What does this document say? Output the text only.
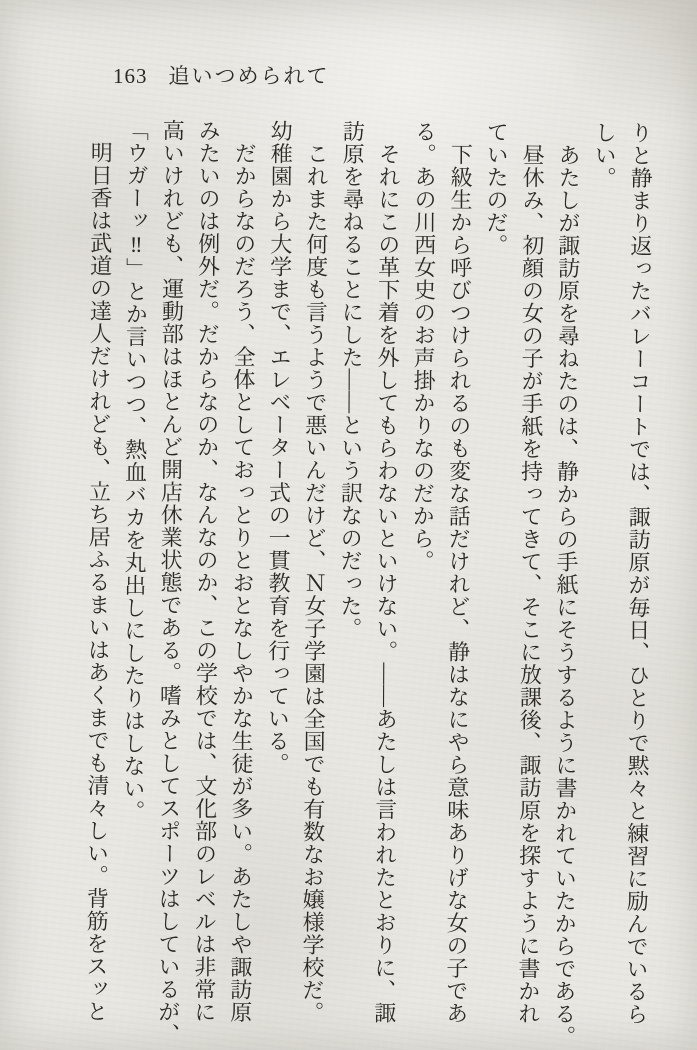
163 追いつめられて

りと静まり返ったバレーコートでは、諏訪原が毎日、ひとりで黙々と練習に励んでいるら

しい。

　あたしが諏訪原を尋ねたのは、静からの手紙にそうするように書かれていたからである。

　昼休み、初顔の女の子が手紙を持ってきて、そこに放課後、諏訪原を探すように書かれ

ていたのだ。

　下級生から呼びつけられるのも変な話だけれど、静はなにやら意味ありげな女の子であ

る。あの川西女史のお声掛かりなのだから。

　それにこの革下着を外してもらわないといけない。――あたしは言われたとおりに、諏

訪原を尋ねることにした――という訳なのだった。

　これまた何度も言うようで悪いんだけど、Ｎ女子学園は全国でも有数なお嬢様学校だ。

幼稚園から大学まで、エレベーター式の一貫教育を行っている。

　だからなのだろう、全体としておっとりとおとなしやかな生徒が多い。あたしや諏訪原

みたいのは例外だ。だからなのか、なんなのか、この学校では、文化部のレベルは非常に

高いけれども、運動部はほとんど開店休業状態である。嗜みとしてスポーツはしているが、

「ウガーッ‼」とか言いつつ、熱血バカを丸出しにしたりはしない。

　明日香は武道の達人だけれども、立ち居ふるまいはあくまでも清々しい。背筋をスッと
